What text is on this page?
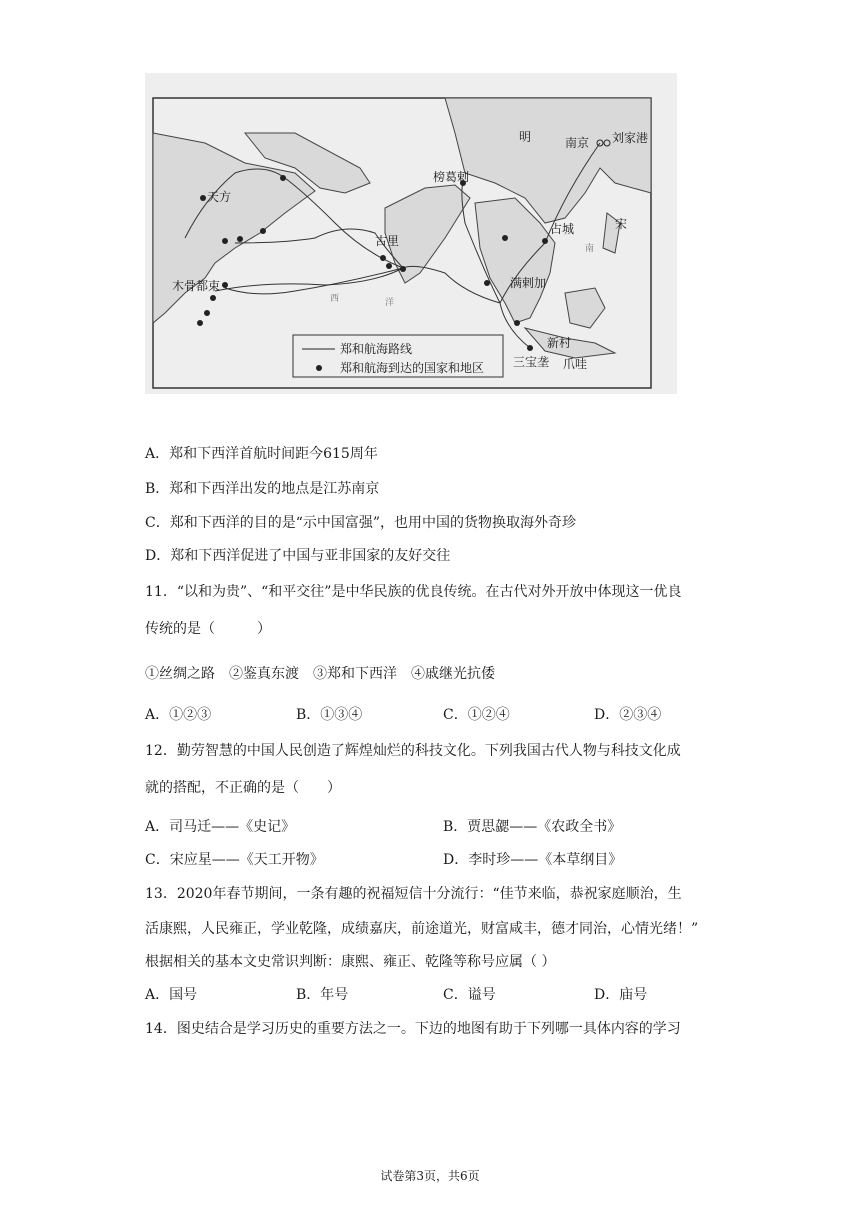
明	南京 刘家港
天方
榜葛剌
古里
木骨都束	满剌加
占城
新村
三宝垄 爪哇
西	洋
南
宋
郑和航海路线
郑和航海到达的国家和地区
A．郑和下西洋首航时间距今615周年
B．郑和下西洋出发的地点是江苏南京
C．郑和下西洋的目的是“示中国富强”，也用中国的货物换取海外奇珍
D．郑和下西洋促进了中国与亚非国家的友好交往
11．“以和为贵”、“和平交往”是中华民族的优良传统。在古代对外开放中体现这一优良
传统的是（　　　）
①丝绸之路　②鉴真东渡　③郑和下西洋　④戚继光抗倭
A．①②③	B．①③④	C．①②④	D．②③④
12．勤劳智慧的中国人民创造了辉煌灿烂的科技文化。下列我国古代人物与科技文化成
就的搭配，不正确的是（　　）
A．司马迁——《史记》	B．贾思勰——《农政全书》
C．宋应星——《天工开物》	D．李时珍——《本草纲目》
13．2020年春节期间，一条有趣的祝福短信十分流行：“佳节来临，恭祝家庭顺治，生
活康熙，人民雍正，学业乾隆，成绩嘉庆，前途道光，财富咸丰，德才同治，心情光绪！”
根据相关的基本文史常识判断：康熙、雍正、乾隆等称号应属（ ）
A．国号	B．年号	C．谥号	D．庙号
14．图史结合是学习历史的重要方法之一。下边的地图有助于下列哪一具体内容的学习
试卷第3页，共6页
